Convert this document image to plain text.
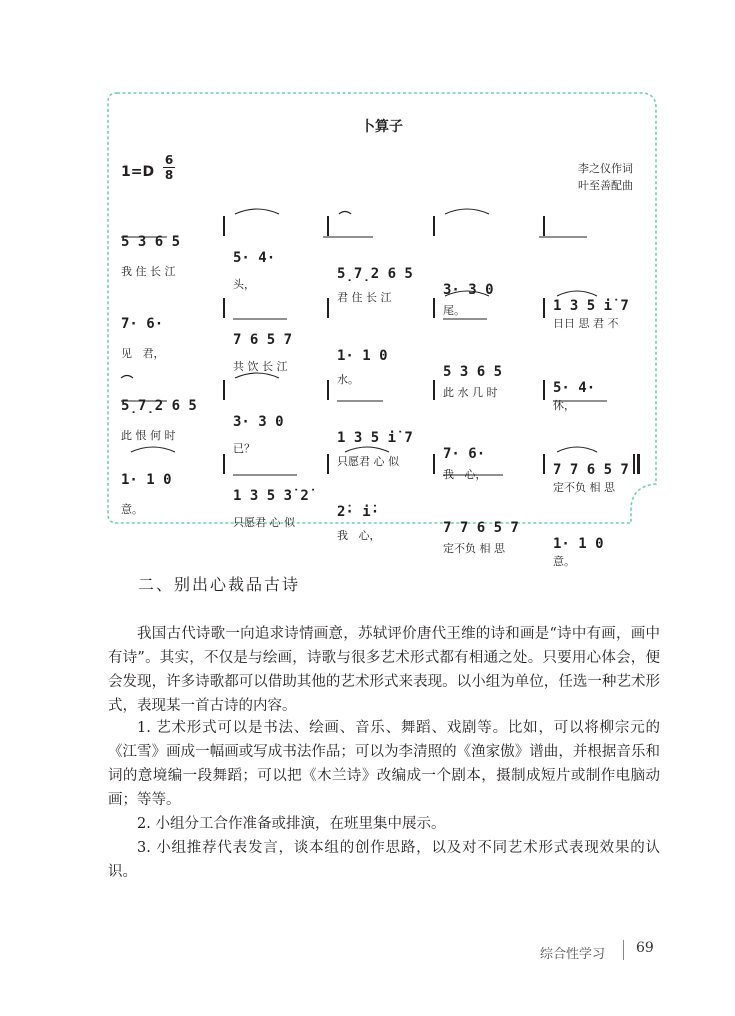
卜算子
$1=D \frac{6}{8}$	李之仪作词
叶至善配曲

5 3 6 5

5· 4·

5̣7̣2 6 5

3· 3 0

1 3 5 i̇ 7

我 住 长 江

头，

君 住 长 江

尾。

日日 思 君 不

7· 6·

7 6 5 7

1· 1 0

5 3 6 5

5· 4·

见   君，

共 饮 长 江

水。

此 水 几 时

休，

5̣7̣2 6 5

3· 3 0

1 3 5 i̇ 7

7· 6·

7 7 6 5 7

此 恨 何 时

已？

只愿君 心 似

我   心，

定不负 相 思

1· 1 0

1 3 5 3̇ 2̇

2̇· i̇·

7 7 6 5 7

1· 1 0

意。

只愿君 心 似

我   心，

定不负 相 思

意。

二、别出心裁品古诗

我国古代诗歌一向追求诗情画意，苏轼评价唐代王维的诗和画是“诗中有画，画中有诗”。其实，不仅是与绘画，诗歌与很多艺术形式都有相通之处。只要用心体会，便会发现，许多诗歌都可以借助其他的艺术形式来表现。以小组为单位，任选一种艺术形式，表现某一首古诗的内容。

1. 艺术形式可以是书法、绘画、音乐、舞蹈、戏剧等。比如，可以将柳宗元的《江雪》画成一幅画或写成书法作品；可以为李清照的《渔家傲》谱曲，并根据音乐和词的意境编一段舞蹈；可以把《木兰诗》改编成一个剧本，摄制成短片或制作电脑动画；等等。

2. 小组分工合作准备或排演，在班里集中展示。

3. 小组推荐代表发言，谈本组的创作思路，以及对不同艺术形式表现效果的认识。

综合性学习 69
